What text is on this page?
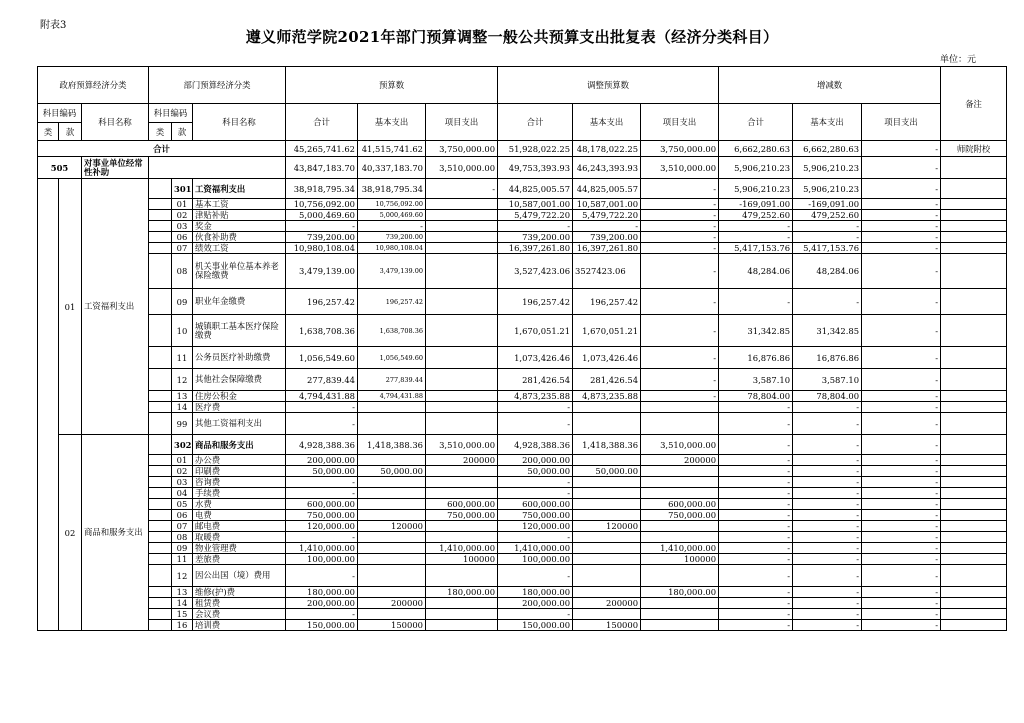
附表3
遵义师范学院2021年部门预算调整一般公共预算支出批复表（经济分类科目）
单位：元
政府预算经济分类			部门预算经济分类			预算数			调整预算数			增减数			备注
科目编码		科目名称	科目编码		科目名称	合计	基本支出	项目支出	合计	基本支出	项目支出	合计	基本支出	项目支出	
类	款		类	款											
合计						45,265,741.62	41,515,741.62	3,750,000.00	51,928,022.25	48,178,022.25	3,750,000.00	6,662,280.63	6,662,280.63	-	师院附校
505		对事业单位经常性补助				43,847,183.70	40,337,183.70	3,510,000.00	49,753,393.93	46,243,393.93	3,510,000.00	5,906,210.23	5,906,210.23	-	
	01	工资福利支出		301	工资福利支出	38,918,795.34	38,918,795.34	-	44,825,005.57	44,825,005.57	-	5,906,210.23	5,906,210.23	-	
				01	基本工资	10,756,092.00	10,756,092.00		10,587,001.00	10,587,001.00	-	-169,091.00	-169,091.00	-	
				02	津贴补贴	5,000,469.60	5,000,469.60		5,479,722.20	5,479,722.20	-	479,252.60	479,252.60	-	
				03	奖金	-	-		-	-	-	-	-	-	
				06	伙食补助费	739,200.00	739,200.00		739,200.00	739,200.00	-	-	-	-	
				07	绩效工资	10,980,108.04	10,980,108.04		16,397,261.80	16,397,261.80	-	5,417,153.76	5,417,153.76	-	
				08	机关事业单位基本养老保险缴费	3,479,139.00	3,479,139.00		3,527,423.06	3527423.06	-	48,284.06	48,284.06	-	
				09	职业年金缴费	196,257.42	196,257.42		196,257.42	196,257.42	-	-	-	-	
				10	城镇职工基本医疗保险缴费	1,638,708.36	1,638,708.36		1,670,051.21	1,670,051.21	-	31,342.85	31,342.85	-	
				11	公务员医疗补助缴费	1,056,549.60	1,056,549.60		1,073,426.46	1,073,426.46	-	16,876.86	16,876.86	-	
				12	其他社会保障缴费	277,839.44	277,839.44		281,426.54	281,426.54	-	3,587.10	3,587.10	-	
				13	住房公积金	4,794,431.88	4,794,431.88		4,873,235.88	4,873,235.88	-	78,804.00	78,804.00	-	
				14	医疗费	-			-			-	-	-	
				99	其他工资福利支出	-			-			-	-	-	
	02	商品和服务支出		302	商品和服务支出	4,928,388.36	1,418,388.36	3,510,000.00	4,928,388.36	1,418,388.36	3,510,000.00	-	-	-	
				01	办公费	200,000.00		200000	200,000.00		200000	-	-	-	
				02	印刷费	50,000.00	50,000.00		50,000.00	50,000.00		-	-	-	
				03	咨询费	-			-			-	-	-	
				04	手续费	-			-			-	-	-	
				05	水费	600,000.00		600,000.00	600,000.00		600,000.00	-	-	-	
				06	电费	750,000.00		750,000.00	750,000.00		750,000.00	-	-	-	
				07	邮电费	120,000.00	120000		120,000.00	120000		-	-	-	
				08	取暖费	-			-			-	-	-	
				09	物业管理费	1,410,000.00		1,410,000.00	1,410,000.00		1,410,000.00	-	-	-	
				11	差旅费	100,000.00		100000	100,000.00		100000	-	-	-	
				12	因公出国（境）费用	-			-			-	-	-	
				13	维修(护)费	180,000.00		180,000.00	180,000.00		180,000.00	-	-	-	
				14	租赁费	200,000.00	200000		200,000.00	200000		-	-	-	
				15	会议费	-			-			-	-	-	
				16	培训费	150,000.00	150000		150,000.00	150000		-	-	-	
